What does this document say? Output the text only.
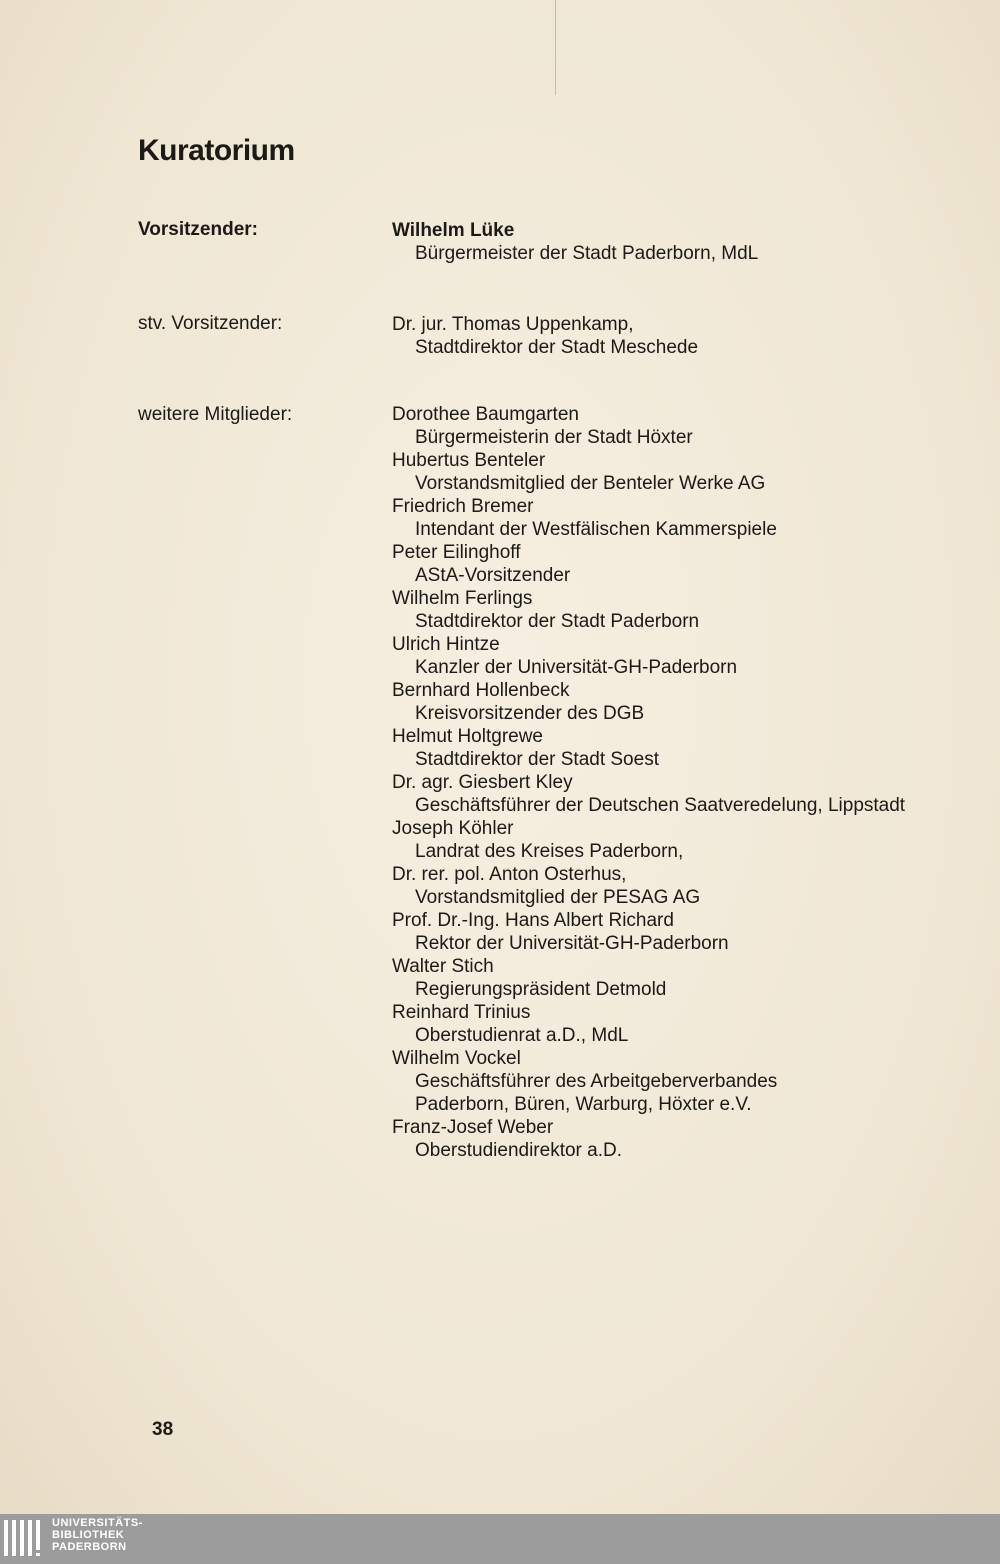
Kuratorium

Vorsitzender:	Wilhelm Lüke
Bürgermeister der Stadt Paderborn, MdL

stv. Vorsitzender:	Dr. jur. Thomas Uppenkamp,
Stadtdirektor der Stadt Meschede

weitere Mitglieder:	Dorothee Baumgarten
Bürgermeisterin der Stadt Höxter
Hubertus Benteler
Vorstandsmitglied der Benteler Werke AG
Friedrich Bremer
Intendant der Westfälischen Kammerspiele
Peter Eilinghoff
AStA-Vorsitzender
Wilhelm Ferlings
Stadtdirektor der Stadt Paderborn
Ulrich Hintze
Kanzler der Universität-GH-Paderborn
Bernhard Hollenbeck
Kreisvorsitzender des DGB
Helmut Holtgrewe
Stadtdirektor der Stadt Soest
Dr. agr. Giesbert Kley
Geschäftsführer der Deutschen Saatveredelung, Lippstadt
Joseph Köhler
Landrat des Kreises Paderborn,
Dr. rer. pol. Anton Osterhus,
Vorstandsmitglied der PESAG AG
Prof. Dr.-Ing. Hans Albert Richard
Rektor der Universität-GH-Paderborn
Walter Stich
Regierungspräsident Detmold
Reinhard Trinius
Oberstudienrat a.D., MdL
Wilhelm Vockel
Geschäftsführer des Arbeitgeberverbandes
Paderborn, Büren, Warburg, Höxter e.V.
Franz-Josef Weber
Oberstudiendirektor a.D.

38

UNIVERSITÄTS-
BIBLIOTHEK
PADERBORN
